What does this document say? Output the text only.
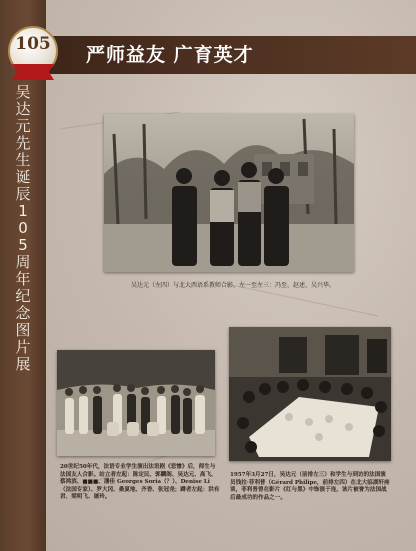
严师益友 广育英才
105
吴达元先生诞辰105周年纪念图片展
吴达元（左四）与北大西语系教师合影，左一至左三：冯至、赵述、吴兴华。
20世纪50年代，法语专业学生演出法语剧《悲惨》后，师生与法国友人合影。站立者左起：陈定民、郭麟阁、吴达元、高飞、蔡鸿滨、■■■、潘佳 Georges Soria（？）、Denise Li（法国专家）、罗大冈、桑夏地、齐香、张冠尧；蹲者左起：洪有君、梁明飞、屠玲。
1957年3月27日，吴达元（前排左三）和学生与到访的法国演员钱拉·菲利普（Gérard Philipe，前排左四）在北大临湖轩座谈，菲利普曾在影片《红与黑》中饰演于连，该片被誉为法国战后最成功的作品之一。
